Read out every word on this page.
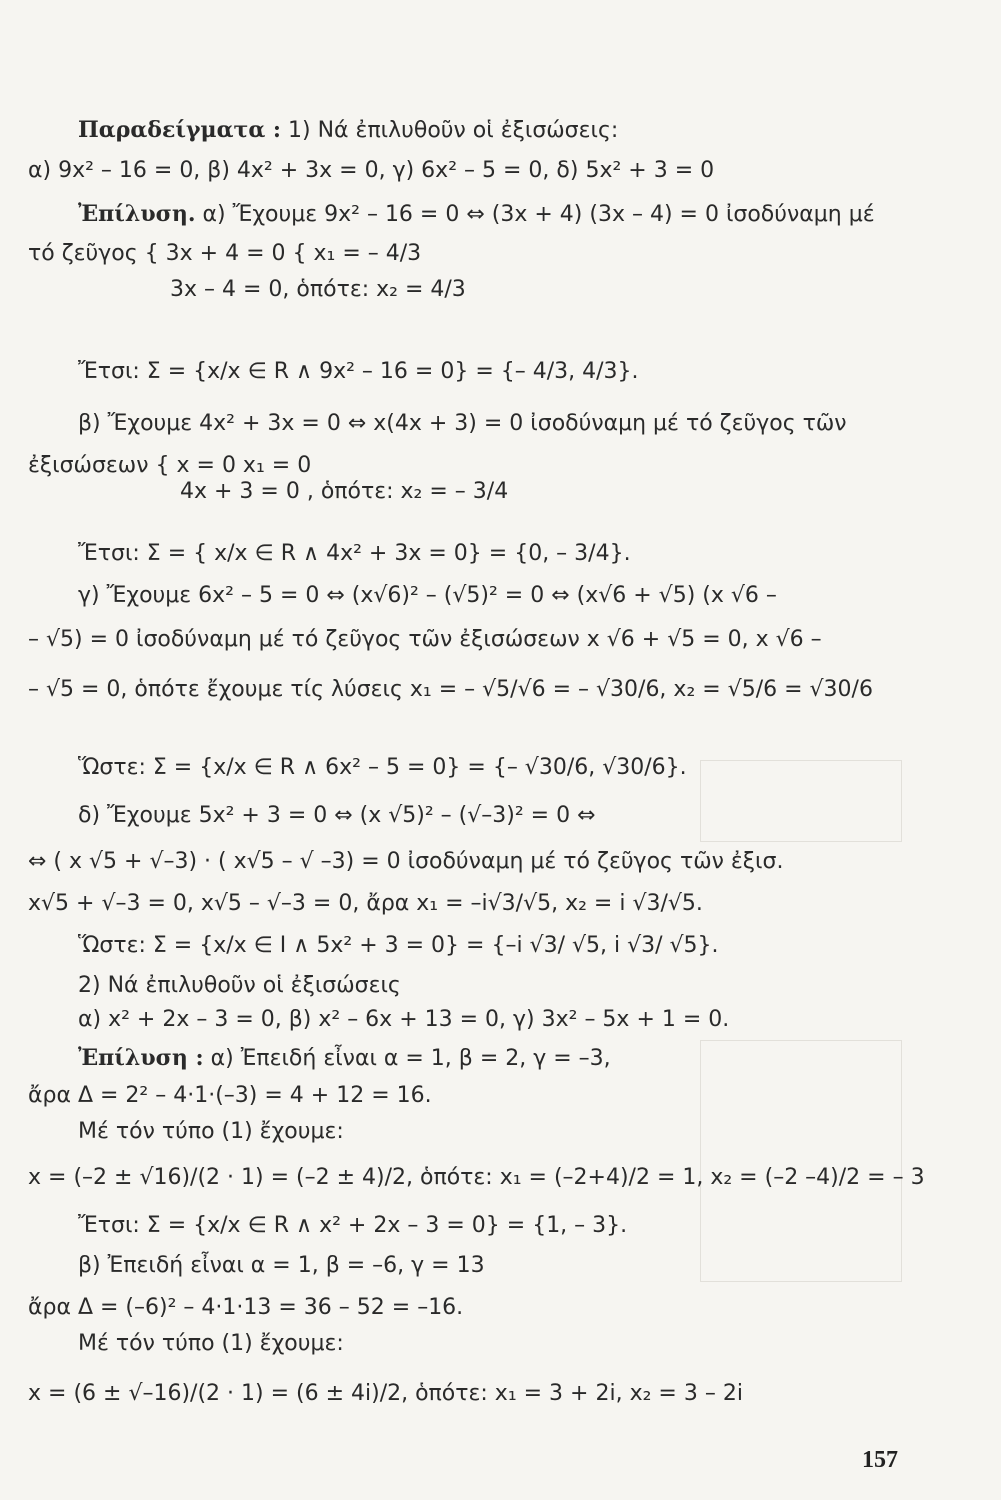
Παραδείγματα : 1) Νά ἐπιλυθοῦν οἱ ἐξισώσεις:
α) 9x² – 16 = 0, β) 4x² + 3x = 0, γ) 6x² – 5 = 0, δ) 5x² + 3 = 0
Ἐπίλυση. α) Ἔχουμε 9x² – 16 = 0 ⇔ (3x + 4) (3x – 4) = 0 ἰσοδύναμη μέ
τό ζεῦγος { 3x + 4 = 0 { x₁ = – 4/3
3x – 4 = 0, ὁπότε: x₂ = 4/3
Ἔτσι: Σ = {x/x ∈ R ∧ 9x² – 16 = 0} = {– 4/3, 4/3}.
β) Ἔχουμε 4x² + 3x = 0 ⇔ x(4x + 3) = 0 ἰσοδύναμη μέ τό ζεῦγος τῶν
ἐξισώσεων { x = 0 x₁ = 0
4x + 3 = 0 , ὁπότε: x₂ = – 3/4
Ἔτσι: Σ = { x/x ∈ R ∧ 4x² + 3x = 0} = {0, – 3/4}.
γ) Ἔχουμε 6x² – 5 = 0 ⇔ (x√6)² – (√5)² = 0 ⇔ (x√6 + √5) (x √6 –
– √5) = 0 ἰσοδύναμη μέ τό ζεῦγος τῶν ἐξισώσεων x √6 + √5 = 0, x √6 –
– √5 = 0, ὁπότε ἔχουμε τίς λύσεις x₁ = – √5/√6 = – √30/6, x₂ = √5/6 = √30/6
Ὥστε: Σ = {x/x ∈ R ∧ 6x² – 5 = 0} = {– √30/6, √30/6}.
δ) Ἔχουμε 5x² + 3 = 0 ⇔ (x √5)² – (√–3)² = 0 ⇔
⇔ ( x √5 + √–3) · ( x√5 – √ –3) = 0 ἰσοδύναμη μέ τό ζεῦγος τῶν ἐξισ.
x√5 + √–3 = 0, x√5 – √–3 = 0, ἄρα x₁ = –i√3/√5, x₂ = i √3/√5.
Ὥστε: Σ = {x/x ∈ I ∧ 5x² + 3 = 0} = {–i √3/ √5, i √3/ √5}.
2) Νά ἐπιλυθοῦν οἱ ἐξισώσεις
α) x² + 2x – 3 = 0, β) x² – 6x + 13 = 0, γ) 3x² – 5x + 1 = 0.
Ἐπίλυση : α) Ἐπειδή εἶναι α = 1, β = 2, γ = –3,
ἄρα Δ = 2² – 4·1·(–3) = 4 + 12 = 16.
Μέ τόν τύπο (1) ἔχουμε:
x = (–2 ± √16)/(2 · 1) = (–2 ± 4)/2, ὁπότε: x₁ = (–2+4)/2 = 1, x₂ = (–2 –4)/2 = – 3
Ἔτσι: Σ = {x/x ∈ R ∧ x² + 2x – 3 = 0} = {1, – 3}.
β) Ἐπειδή εἶναι α = 1, β = –6, γ = 13
ἄρα Δ = (–6)² – 4·1·13 = 36 – 52 = –16.
Μέ τόν τύπο (1) ἔχουμε:
x = (6 ± √–16)/(2 · 1) = (6 ± 4i)/2, ὁπότε: x₁ = 3 + 2i, x₂ = 3 – 2i
157
